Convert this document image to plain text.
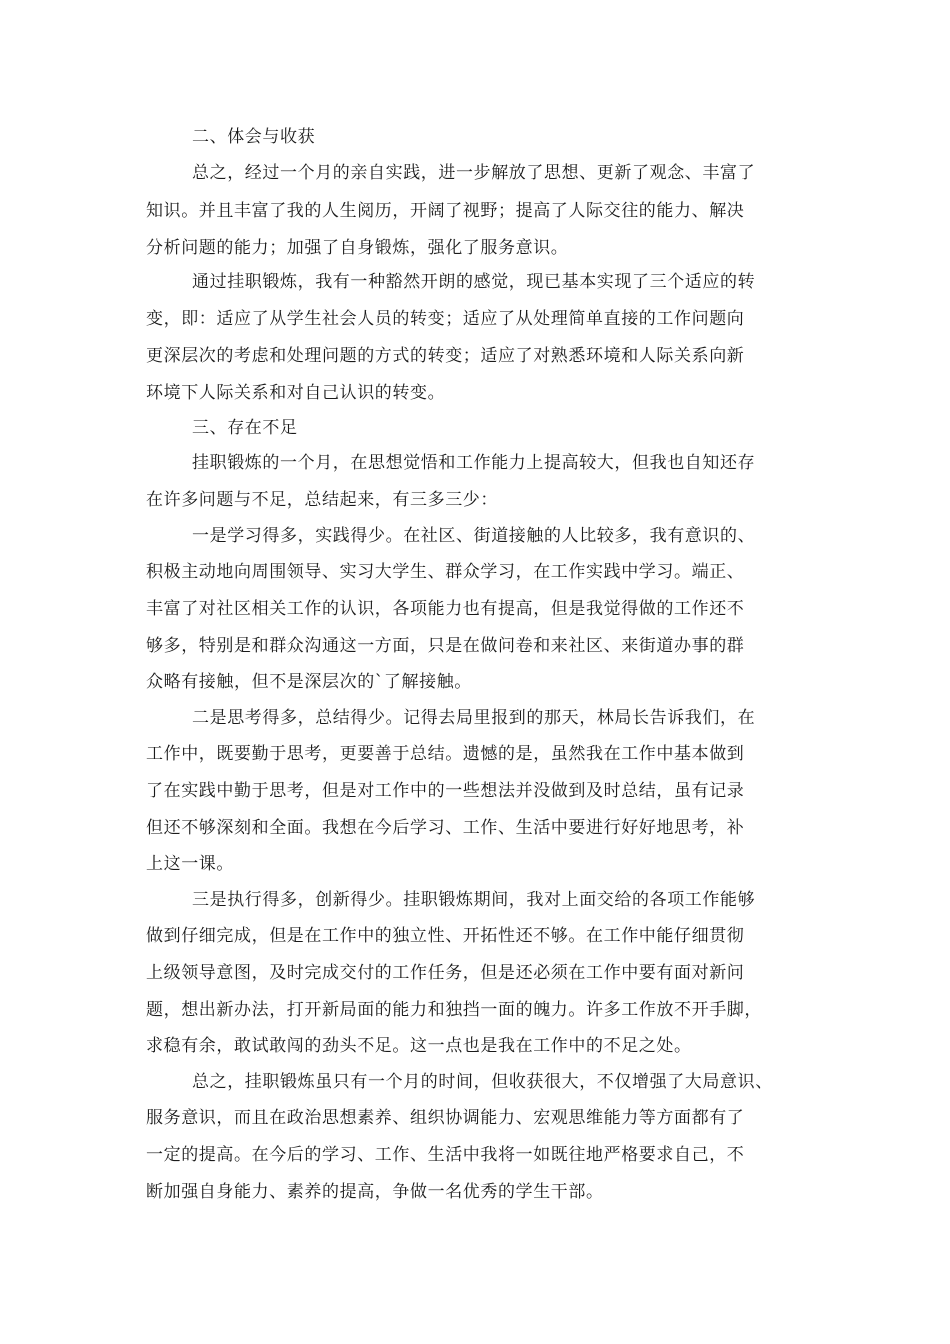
二、体会与收获
总之，经过一个月的亲自实践，进一步解放了思想、更新了观念、丰富了
知识。并且丰富了我的人生阅历，开阔了视野；提高了人际交往的能力、解决
分析问题的能力；加强了自身锻炼，强化了服务意识。
通过挂职锻炼，我有一种豁然开朗的感觉，现已基本实现了三个适应的转
变，即：适应了从学生社会人员的转变；适应了从处理简单直接的工作问题向
更深层次的考虑和处理问题的方式的转变；适应了对熟悉环境和人际关系向新
环境下人际关系和对自己认识的转变。
三、存在不足
挂职锻炼的一个月，在思想觉悟和工作能力上提高较大，但我也自知还存
在许多问题与不足，总结起来，有三多三少：
一是学习得多，实践得少。在社区、街道接触的人比较多，我有意识的、
积极主动地向周围领导、实习大学生、群众学习，在工作实践中学习。端正、
丰富了对社区相关工作的认识，各项能力也有提高，但是我觉得做的工作还不
够多，特别是和群众沟通这一方面，只是在做问卷和来社区、来街道办事的群
众略有接触，但不是深层次的`了解接触。
二是思考得多，总结得少。记得去局里报到的那天，林局长告诉我们，在
工作中，既要勤于思考，更要善于总结。遗憾的是，虽然我在工作中基本做到
了在实践中勤于思考，但是对工作中的一些想法并没做到及时总结，虽有记录
但还不够深刻和全面。我想在今后学习、工作、生活中要进行好好地思考，补
上这一课。
三是执行得多，创新得少。挂职锻炼期间，我对上面交给的各项工作能够
做到仔细完成，但是在工作中的独立性、开拓性还不够。在工作中能仔细贯彻
上级领导意图，及时完成交付的工作任务，但是还必须在工作中要有面对新问
题，想出新办法，打开新局面的能力和独挡一面的魄力。许多工作放不开手脚，
求稳有余，敢试敢闯的劲头不足。这一点也是我在工作中的不足之处。
总之，挂职锻炼虽只有一个月的时间，但收获很大，不仅增强了大局意识、
服务意识，而且在政治思想素养、组织协调能力、宏观思维能力等方面都有了
一定的提高。在今后的学习、工作、生活中我将一如既往地严格要求自己，不
断加强自身能力、素养的提高，争做一名优秀的学生干部。
